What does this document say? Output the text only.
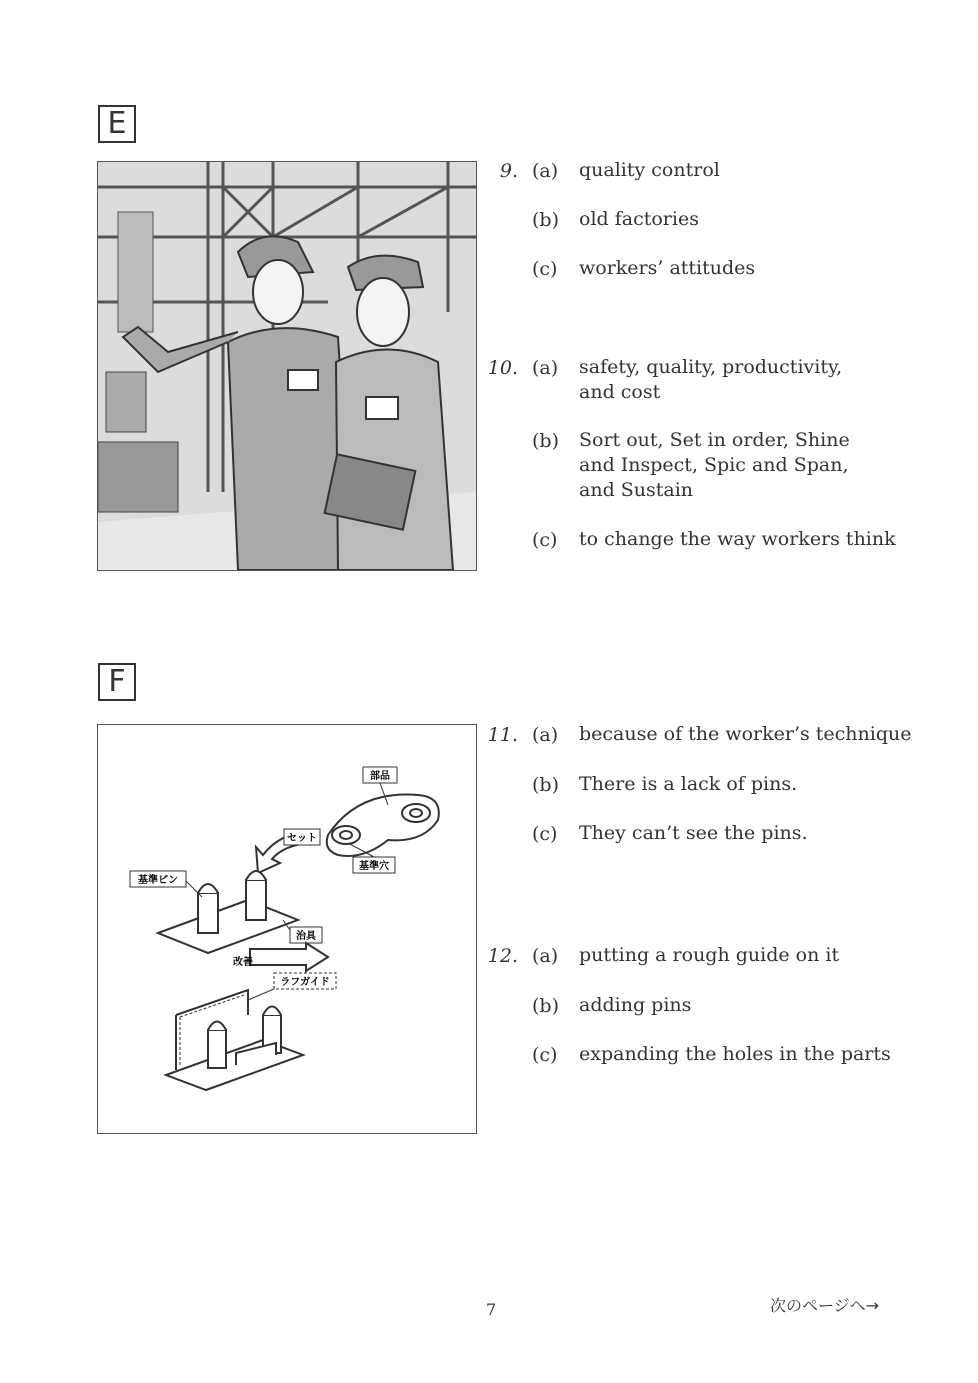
E
9. (a) quality control
(b) old factories
(c) workers’ attitudes
10. (a) safety, quality, productivity, and cost
(b) Sort out, Set in order, Shine and Inspect, Spic and Span, and Sustain
(c) to change the way workers think
F
部品
基準穴
セット
基準ピン
治具
改善
ラフガイド
11. (a) because of the worker’s technique
(b) There is a lack of pins.
(c) They can’t see the pins.
12. (a) putting a rough guide on it
(b) adding pins
(c) expanding the holes in the parts
7	次のページへ→
